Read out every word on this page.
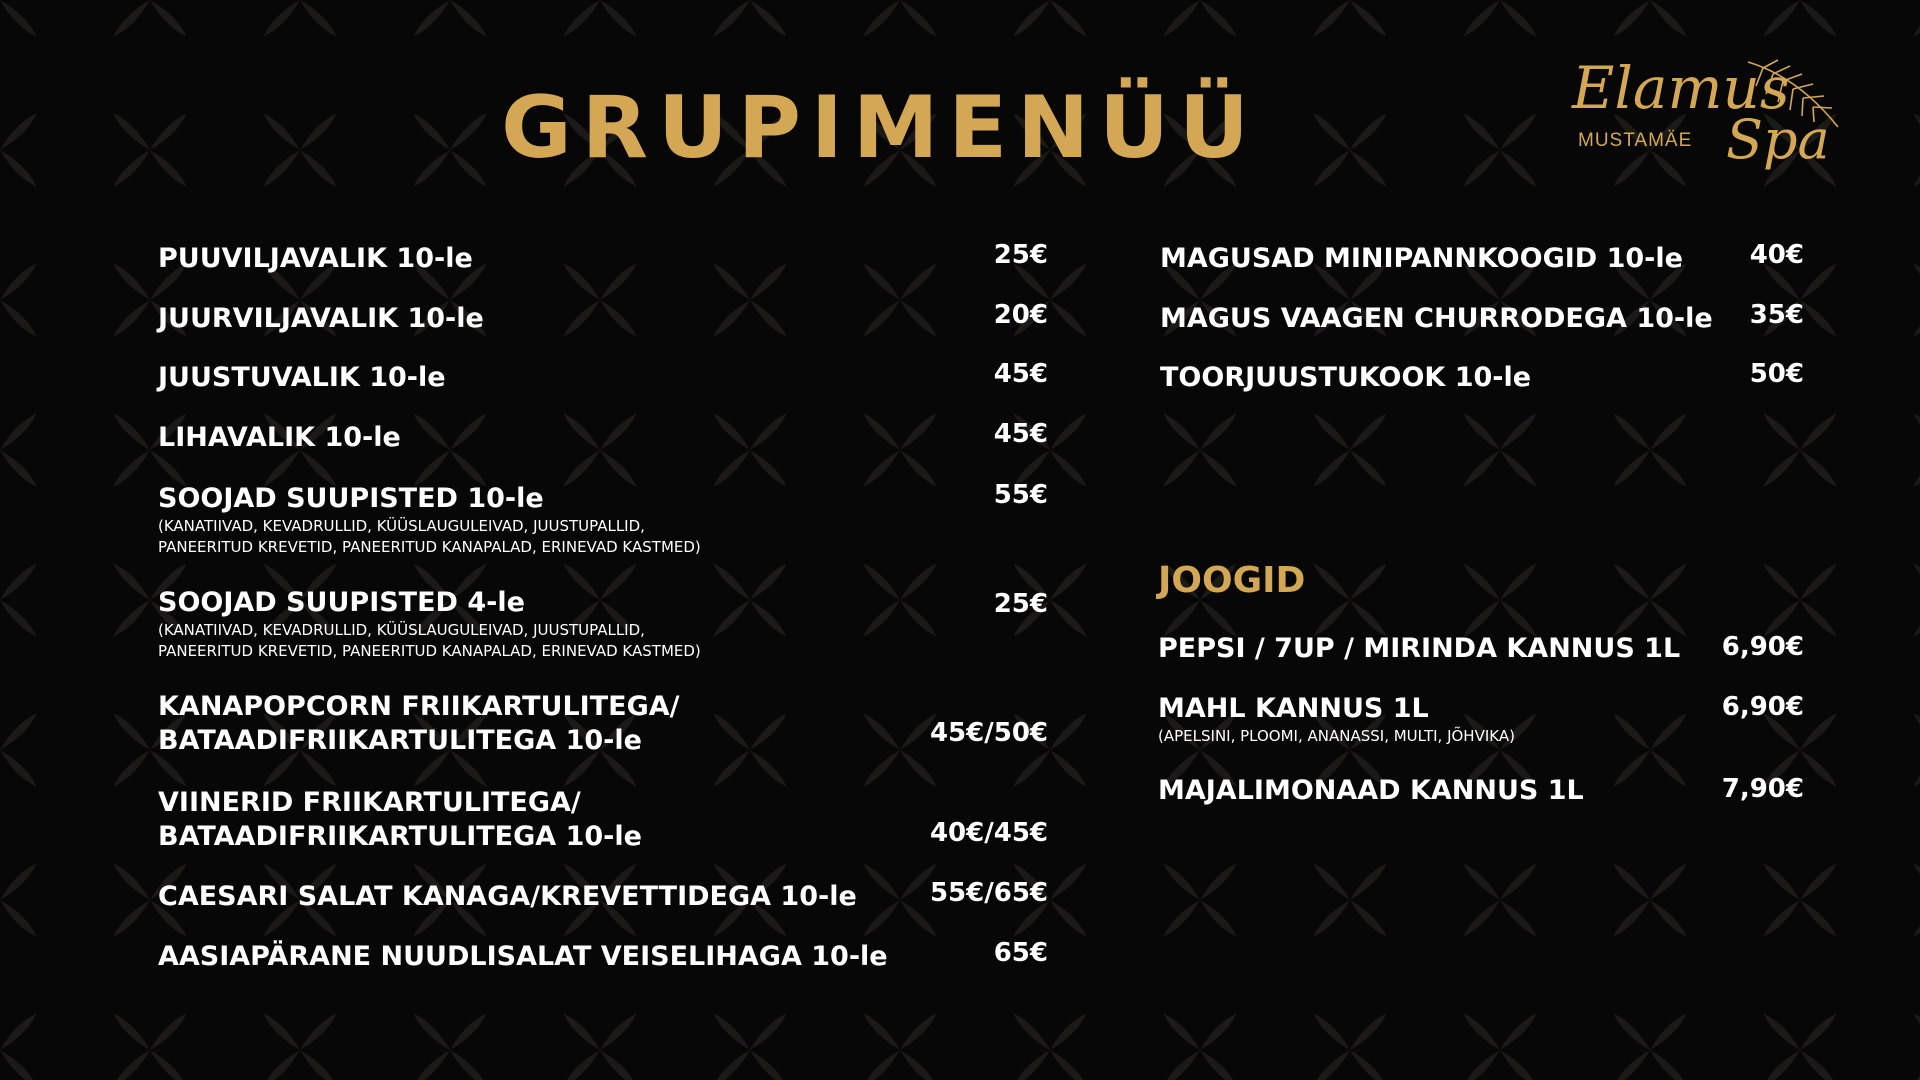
GRUPIMENÜÜ	Elamus
MUSTAMÄE Spa
PUUVILJAVALIK 10-le	25€
JUURVILJAVALIK 10-le	20€
JUUSTUVALIK 10-le	45€
LIHAVALIK 10-le	45€
SOOJAD SUUPISTED 10-le
(KANATIIVAD, KEVADRULLID, KÜÜSLAUGULEIVAD, JUUSTUPALLID,
PANEERITUD KREVETID, PANEERITUD KANAPALAD, ERINEVAD KASTMED)
55€
SOOJAD SUUPISTED 4-le
(KANATIIVAD, KEVADRULLID, KÜÜSLAUGULEIVAD, JUUSTUPALLID,
PANEERITUD KREVETID, PANEERITUD KANAPALAD, ERINEVAD KASTMED)
25€
KANAPOPCORN FRIIKARTULITEGA/
BATAADIFRIIKARTULITEGA 10-le	45€/50€
VIINERID FRIIKARTULITEGA/
BATAADIFRIIKARTULITEGA 10-le	40€/45€
CAESARI SALAT KANAGA/KREVETTIDEGA 10-le	55€/65€
AASIAPÄRANE NUUDLISALAT VEISELIHAGA 10-le	65€
MAGUSAD MINIPANNKOOGID 10-le	40€
MAGUS VAAGEN CHURRODEGA 10-le 35€
TOORJUUSTUKOOK 10-le	50€
JOOGID
PEPSI / 7UP / MIRINDA KANNUS 1L 6,90€
MAHL KANNUS 1L
(APELSINI, PLOOMI, ANANASSI, MULTI, JÕHVIKA)
6,90€
MAJALIMONAAD KANNUS 1L	7,90€
